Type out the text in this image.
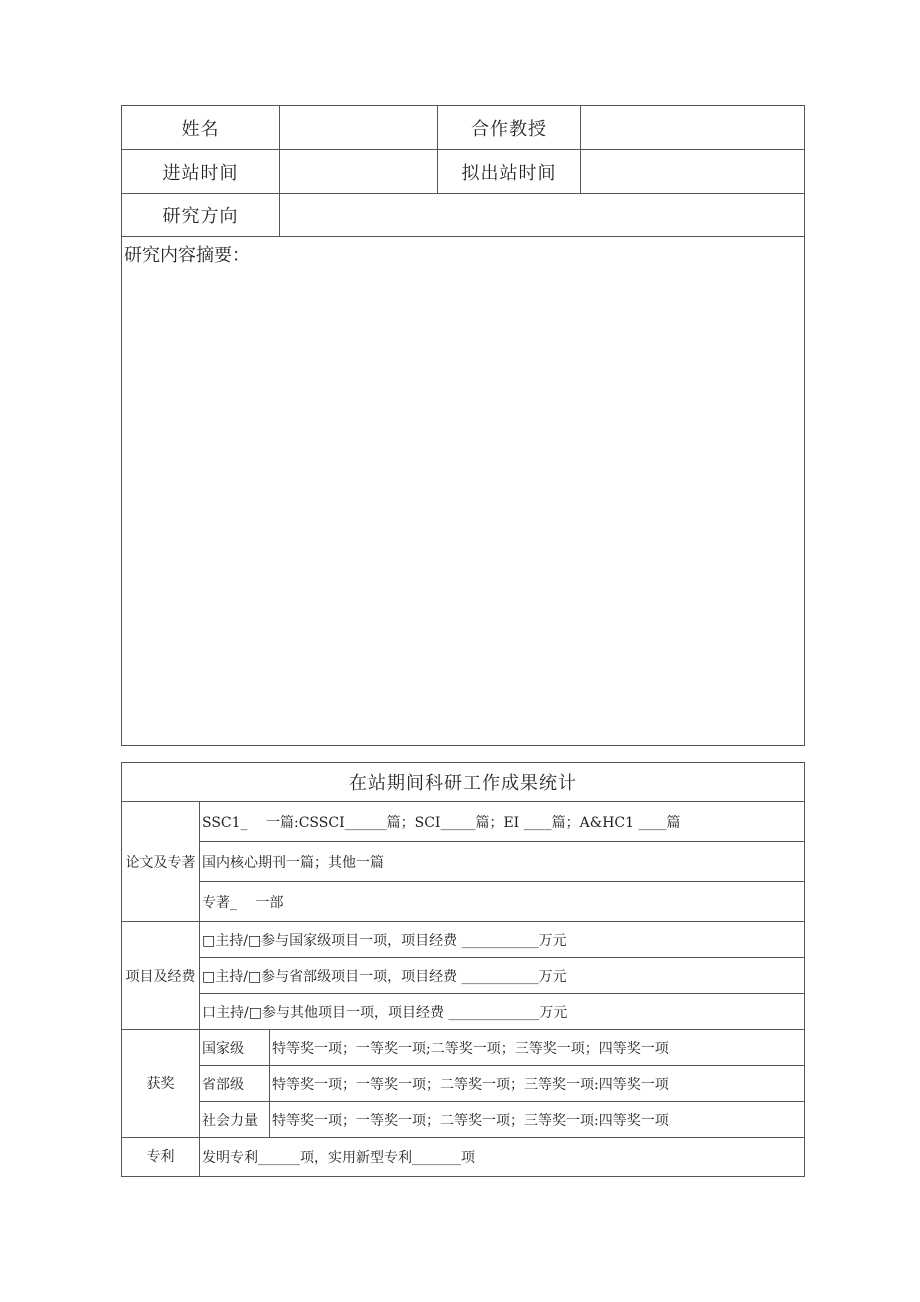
姓名		合作教授	
进站时间		拟出站时间	
研究方向			
研究内容摘要：			
在站期间科研工作成果统计		

论文及专著	SSC1_　 一篇:CSSCI______篇；SCI_____篇；EI ____篇；A&HC1 ____篇	
	国内核心期刊一篇；其他一篇	
	专著_　 一部	

项目及经费	□主持/□参与国家级项目一项，项目经费 ___________万元	
	□主持/□参与省部级项目一项，项目经费 ___________万元	
	口主持/□参与其他项目一项，项目经费 _____________万元	
获奖	国家级	特等奖一项；一等奖一项;二等奖一项；三等奖一项；四等奖一项
	省部级	特等奖一项；一等奖一项；二等奖一项；三等奖一项:四等奖一项
	社会力量	特等奖一项；一等奖一项；二等奖一项；三等奖一项:四等奖一项
专利	发明专利______项，实用新型专利_______项	
